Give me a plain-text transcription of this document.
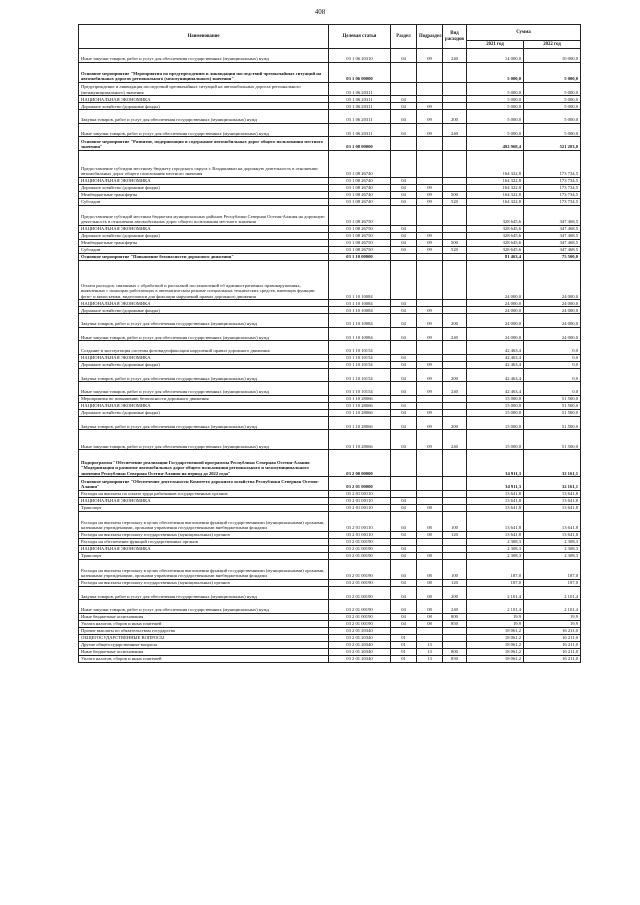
408
Наименование	Целевая статья	Раздел	Подраздел	Вид расходов	Сумма	
					2021 год	2022 год
Иные закупки товаров, работ и услуг для обеспечения государственных (муниципальных) нужд	03 1 06 20310	04	09	240	14 000,0	10 000,0
Основное мероприятие "Мероприятия по предупреждению и ликвидации последствий чрезвычайных ситуаций на автомобильных дорогах регионального (межмуниципального) значения"	03 1 06 00000				5 000,0	5 000,0
Предупреждение и ликвидация последствий чрезвычайных ситуаций на автомобильных дорогах регионального (межмуниципального) значения	03 1 06 20311				5 000,0	5 000,0
НАЦИОНАЛЬНАЯ ЭКОНОМИКА	03 1 06 20311	04			5 000,0	5 000,0
Дорожное хозяйство (дорожные фонды)	03 1 06 20311	04	09		5 000,0	5 000,0
Закупка товаров, работ и услуг для обеспечения государственных (муниципальных) нужд	03 1 06 20311	04	09	200	5 000,0	5 000,0
Иные закупки товаров, работ и услуг для обеспечения государственных (муниципальных) нужд	03 1 06 20311	04	09	240	5 000,0	5 000,0
Основное мероприятие "Развитие, модернизация и содержание автомобильных дорог общего пользования местного значения"	03 1 08 00000				492 968,4	521 203,0
Предоставление субсидии местному бюджету городского округа г. Владикавказ на дорожную деятельность в отношении автомобильных дорог общего пользования местного значения	03 1 08 26740				164 322,8	173 734,5
НАЦИОНАЛЬНАЯ ЭКОНОМИКА	03 1 08 26740	04			164 322,8	173 734,5
Дорожное хозяйство (дорожные фонды)	03 1 08 26740	04	09		164 322,8	173 734,5
Межбюджетные трансферты	03 1 08 26740	04	09	500	164 322,8	173 734,5
Субсидии	03 1 08 26740	04	09	520	164 322,8	173 734,5
Предоставление субсидий местным бюджетам муниципальных районов Республики Северная Осетия-Алания на дорожную деятельность в отношении автомобильных дорог общего пользования местного значения	03 1 08 26750				328 645,6	347 468,5
НАЦИОНАЛЬНАЯ ЭКОНОМИКА	03 1 08 26750	04			328 645,6	347 468,5
Дорожное хозяйство (дорожные фонды)	03 1 08 26750	04	09		328 645,6	347 468,5
Межбюджетные трансферты	03 1 08 26750	04	09	500	328 645,6	347 468,5
Субсидии	03 1 08 26750	04	09	520	328 645,6	347 468,5
Основное мероприятие "Повышение безопасности дорожного движения"	03 1 10 00000				81 463,4	75 500,0
Оплата расходов, связанных с обработкой и рассылкой постановлений об административных правонарушениях, выявленных с помощью работающих в автоматическом режиме специальных технических средств, имеющих функции фото- и киносъемки, видеозаписи для фиксации нарушений правил дорожного движения	03 1 10 10084				24 000,0	24 000,0
НАЦИОНАЛЬНАЯ ЭКОНОМИКА	03 1 10 10084	04			24 000,0	24 000,0
Дорожное хозяйство (дорожные фонды)	03 1 10 10084	04	09		24 000,0	24 000,0
Закупка товаров, работ и услуг для обеспечения государственных (муниципальных) нужд	03 1 10 10084	04	09	200	24 000,0	24 000,0
Иные закупки товаров, работ и услуг для обеспечения государственных (муниципальных) нужд	03 1 10 10084	04	09	240	24 000,0	24 000,0
Создание и эксплуатация системы фотовидеофиксации нарушений правил дорожного движения	03 1 10 10154				42 463,4	0,0
НАЦИОНАЛЬНАЯ ЭКОНОМИКА	03 1 10 10154	04			42 463,4	0,0
Дорожное хозяйство (дорожные фонды)	03 1 10 10154	04	09		42 463,4	0,0
Закупка товаров, работ и услуг для обеспечения государственных (муниципальных) нужд	03 1 10 10154	04	09	200	42 463,4	0,0
Иные закупки товаров, работ и услуг для обеспечения государственных (муниципальных) нужд	03 1 10 10154	04	09	240	42 463,4	0,0
Мероприятия по повышению безопасности дорожного движения	03 1 10 28066				15 000,0	51 500,0
НАЦИОНАЛЬНАЯ ЭКОНОМИКА	03 1 10 28066	04			15 000,0	51 500,0
Дорожное хозяйство (дорожные фонды)	03 1 10 28066	04	09		15 000,0	51 500,0
Закупка товаров, работ и услуг для обеспечения государственных (муниципальных) нужд	03 1 10 28066	04	09	200	15 000,0	51 500,0
Иные закупки товаров, работ и услуг для обеспечения государственных (муниципальных) нужд	03 1 10 28066	04	09	240	15 000,0	51 500,0
Подпрограмма "Обеспечение реализации Государственной программы Республики Северная Осетия-Алания "Модернизация и развитие автомобильных дорог общего пользования регионального и межмуниципального значения Республики Северная Осетия-Алания на период до 2022 года"	03 2 00 00000				34 911,3	32 161,1
Основное мероприятие "Обеспечение деятельности Комитета дорожного хозяйства Республики Северная Осетия-Алания"	03 2 01 00000				34 911,3	32 161,1
Расходы на выплаты по оплате труда работников государственных органов	03 2 01 00110				13 641,8	13 641,8
НАЦИОНАЛЬНАЯ ЭКОНОМИКА	03 2 01 00110	04			13 641,8	13 641,8
Транспорт	03 2 01 00110	04	08		13 641,8	13 641,8
Расходы на выплаты персоналу в целях обеспечения выполнения функций государственными (муниципальными) органами, казенными учреждениями, органами управления государственными внебюджетными фондами	03 2 01 00110	04	08	100	13 641,8	13 641,8
Расходы на выплаты персоналу государственных (муниципальных) органов	03 2 01 00110	04	08	120	13 641,8	13 641,8
Расходы на обеспечение функций государственных органов	03 2 01 00190				2 308,3	2 308,3
НАЦИОНАЛЬНАЯ ЭКОНОМИКА	03 2 01 00190	04			2 308,3	2 308,3
Транспорт	03 2 01 00190	04	08		2 308,3	2 308,3
Расходы на выплаты персоналу в целях обеспечения выполнения функций государственными (муниципальными) органами, казенными учреждениями, органами управления государственными внебюджетными фондами	03 2 01 00190	04	08	100	187,0	187,0
Расходы на выплаты персоналу государственных (муниципальных) органов	03 2 01 00190	04	08	120	187,0	187,0
Закупка товаров, работ и услуг для обеспечения государственных (муниципальных) нужд	03 2 01 00190	04	08	200	2 101,4	2 101,4
Иные закупки товаров, работ и услуг для обеспечения государственных (муниципальных) нужд	03 2 01 00190	04	08	240	2 101,4	2 101,4
Иные бюджетные ассигнования	03 2 01 00190	04	08	800	19,9	19,9
Уплата налогов, сборов и иных платежей	03 2 01 00190	04	08	850	19,9	19,9
Прочие выплаты по обязательствам государства	03 2 01 20340				18 061,2	16 211,0
ОБЩЕГОСУДАРСТВЕННЫЕ ВОПРОСЫ	03 2 01 20340	01			18 061,2	16 211,0
Другие общегосударственные вопросы	03 2 01 20340	01	13		18 061,2	16 211,0
Иные бюджетные ассигнования	03 2 01 20340	01	13	800	18 061,2	16 211,0
Уплата налогов, сборов и иных платежей	03 2 01 20340	01	13	850	18 061,2	16 211,0
